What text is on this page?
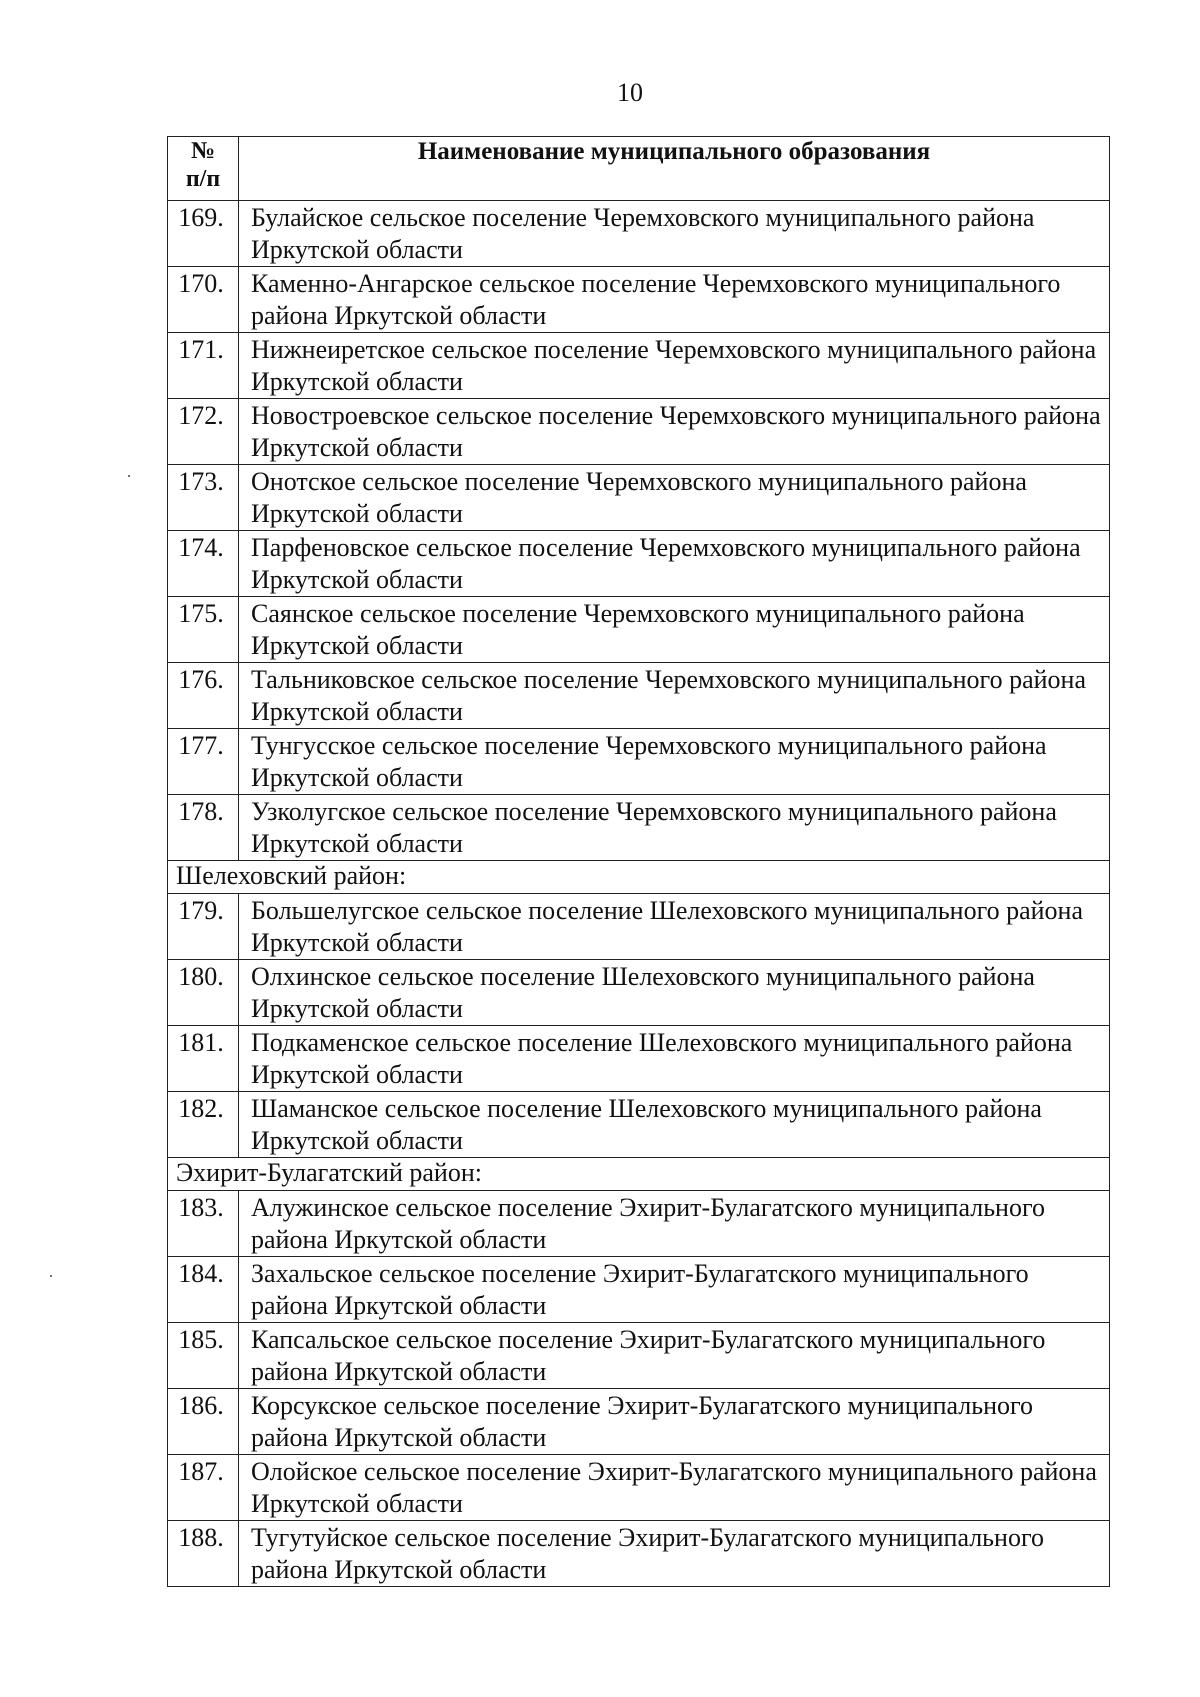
10
№
п/п	Наименование муниципального образования
169.	Булайское сельское поселение Черемховского муниципального района Иркутской области
170.	Каменно-Ангарское сельское поселение Черемховского муниципального района Иркутской области
171.	Нижнеиретское сельское поселение Черемховского муниципального района Иркутской области
172.	Новостроевское сельское поселение Черемховского муниципального района Иркутской области
173.	Онотское сельское поселение Черемховского муниципального района Иркутской области
174.	Парфеновское сельское поселение Черемховского муниципального района Иркутской области
175.	Саянское сельское поселение Черемховского муниципального района Иркутской области
176.	Тальниковское сельское поселение Черемховского муниципального района Иркутской области
177.	Тунгусское сельское поселение Черемховского муниципального района Иркутской области
178.	Узколугское сельское поселение Черемховского муниципального района Иркутской области
Шелеховский район:	
179.	Большелугское сельское поселение Шелеховского муниципального района Иркутской области
180.	Олхинское сельское поселение Шелеховского муниципального района Иркутской области
181.	Подкаменское сельское поселение Шелеховского муниципального района Иркутской области
182.	Шаманское сельское поселение Шелеховского муниципального района Иркутской области
Эхирит-Булагатский район:	
183.	Алужинское сельское поселение Эхирит-Булагатского муниципального района Иркутской области
184.	Захальское сельское поселение Эхирит-Булагатского муниципального района Иркутской области
185.	Капсальское сельское поселение Эхирит-Булагатского муниципального района Иркутской области
186.	Корсукское сельское поселение Эхирит-Булагатского муниципального района Иркутской области
187.	Олойское сельское поселение Эхирит-Булагатского муниципального района Иркутской области
188.	Тугутуйское сельское поселение Эхирит-Булагатского муниципального района Иркутской области
